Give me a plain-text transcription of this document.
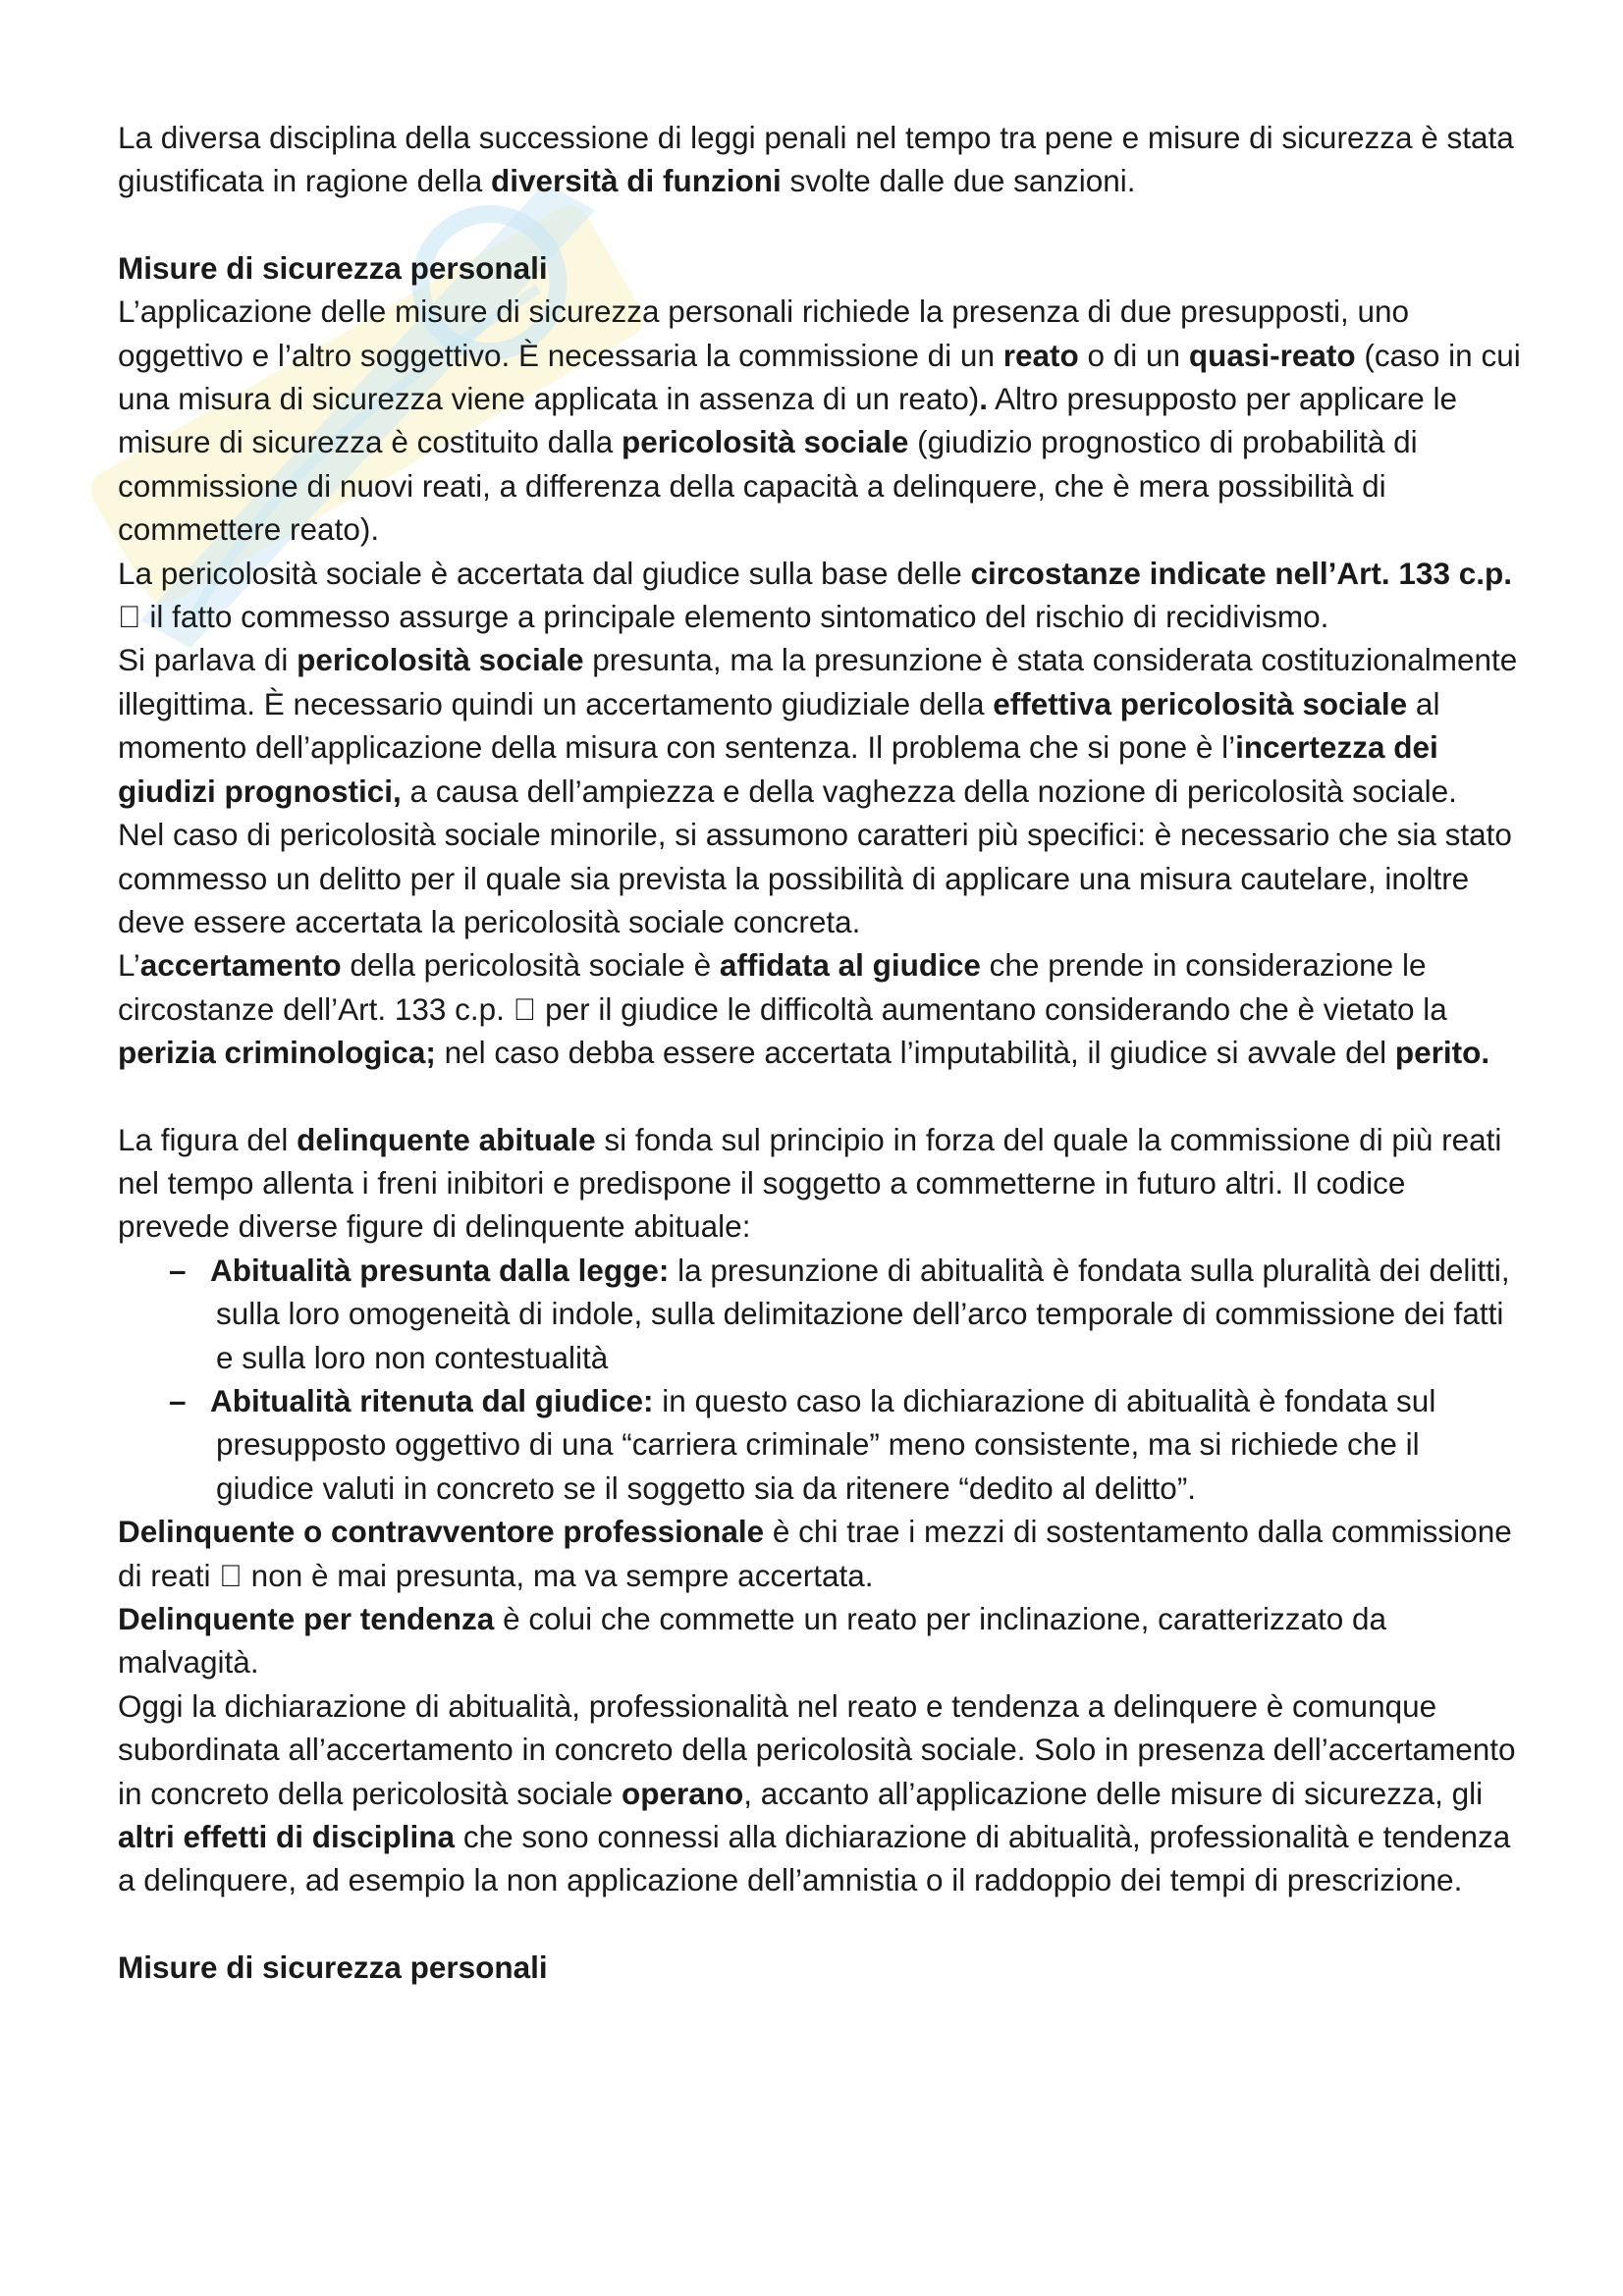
La diversa disciplina della successione di leggi penali nel tempo tra pene e misure di sicurezza è stata giustificata in ragione della diversità di funzioni svolte dalle due sanzioni.

Misure di sicurezza personali

L’applicazione delle misure di sicurezza personali richiede la presenza di due presupposti, uno oggettivo e l’altro soggettivo. È necessaria la commissione di un reato o di un quasi-reato (caso in cui una misura di sicurezza viene applicata in assenza di un reato). Altro presupposto per applicare le misure di sicurezza è costituito dalla pericolosità sociale (giudizio prognostico di probabilità di commissione di nuovi reati, a differenza della capacità a delinquere, che è mera possibilità di commettere reato).

La pericolosità sociale è accertata dal giudice sulla base delle circostanze indicate nell’Art. 133 c.p. il fatto commesso assurge a principale elemento sintomatico del rischio di recidivismo.

Si parlava di pericolosità sociale presunta, ma la presunzione è stata considerata costituzionalmente illegittima. È necessario quindi un accertamento giudiziale della effettiva pericolosità sociale al momento dell’applicazione della misura con sentenza. Il problema che si pone è l’incertezza dei giudizi prognostici, a causa dell’ampiezza e della vaghezza della nozione di pericolosità sociale.

Nel caso di pericolosità sociale minorile, si assumono caratteri più specifici: è necessario che sia stato commesso un delitto per il quale sia prevista la possibilità di applicare una misura cautelare, inoltre deve essere accertata la pericolosità sociale concreta.

L’accertamento della pericolosità sociale è affidata al giudice che prende in considerazione le circostanze dell’Art. 133 c.p. per il giudice le difficoltà aumentano considerando che è vietato la perizia criminologica; nel caso debba essere accertata l’imputabilità, il giudice si avvale del perito.

La figura del delinquente abituale si fonda sul principio in forza del quale la commissione di più reati nel tempo allenta i freni inibitori e predispone il soggetto a commetterne in futuro altri. Il codice prevede diverse figure di delinquente abituale:

– Abitualità presunta dalla legge: la presunzione di abitualità è fondata sulla pluralità dei delitti, sulla loro omogeneità di indole, sulla delimitazione dell’arco temporale di commissione dei fatti e sulla loro non contestualità
– Abitualità ritenuta dal giudice: in questo caso la dichiarazione di abitualità è fondata sul presupposto oggettivo di una “carriera criminale” meno consistente, ma si richiede che il giudice valuti in concreto se il soggetto sia da ritenere “dedito al delitto”.

Delinquente o contravventore professionale è chi trae i mezzi di sostentamento dalla commissione di reati non è mai presunta, ma va sempre accertata.

Delinquente per tendenza è colui che commette un reato per inclinazione, caratterizzato da malvagità.

Oggi la dichiarazione di abitualità, professionalità nel reato e tendenza a delinquere è comunque subordinata all’accertamento in concreto della pericolosità sociale. Solo in presenza dell’accertamento in concreto della pericolosità sociale operano, accanto all’applicazione delle misure di sicurezza, gli altri effetti di disciplina che sono connessi alla dichiarazione di abitualità, professionalità e tendenza a delinquere, ad esempio la non applicazione dell’amnistia o il raddoppio dei tempi di prescrizione.

Misure di sicurezza personali
